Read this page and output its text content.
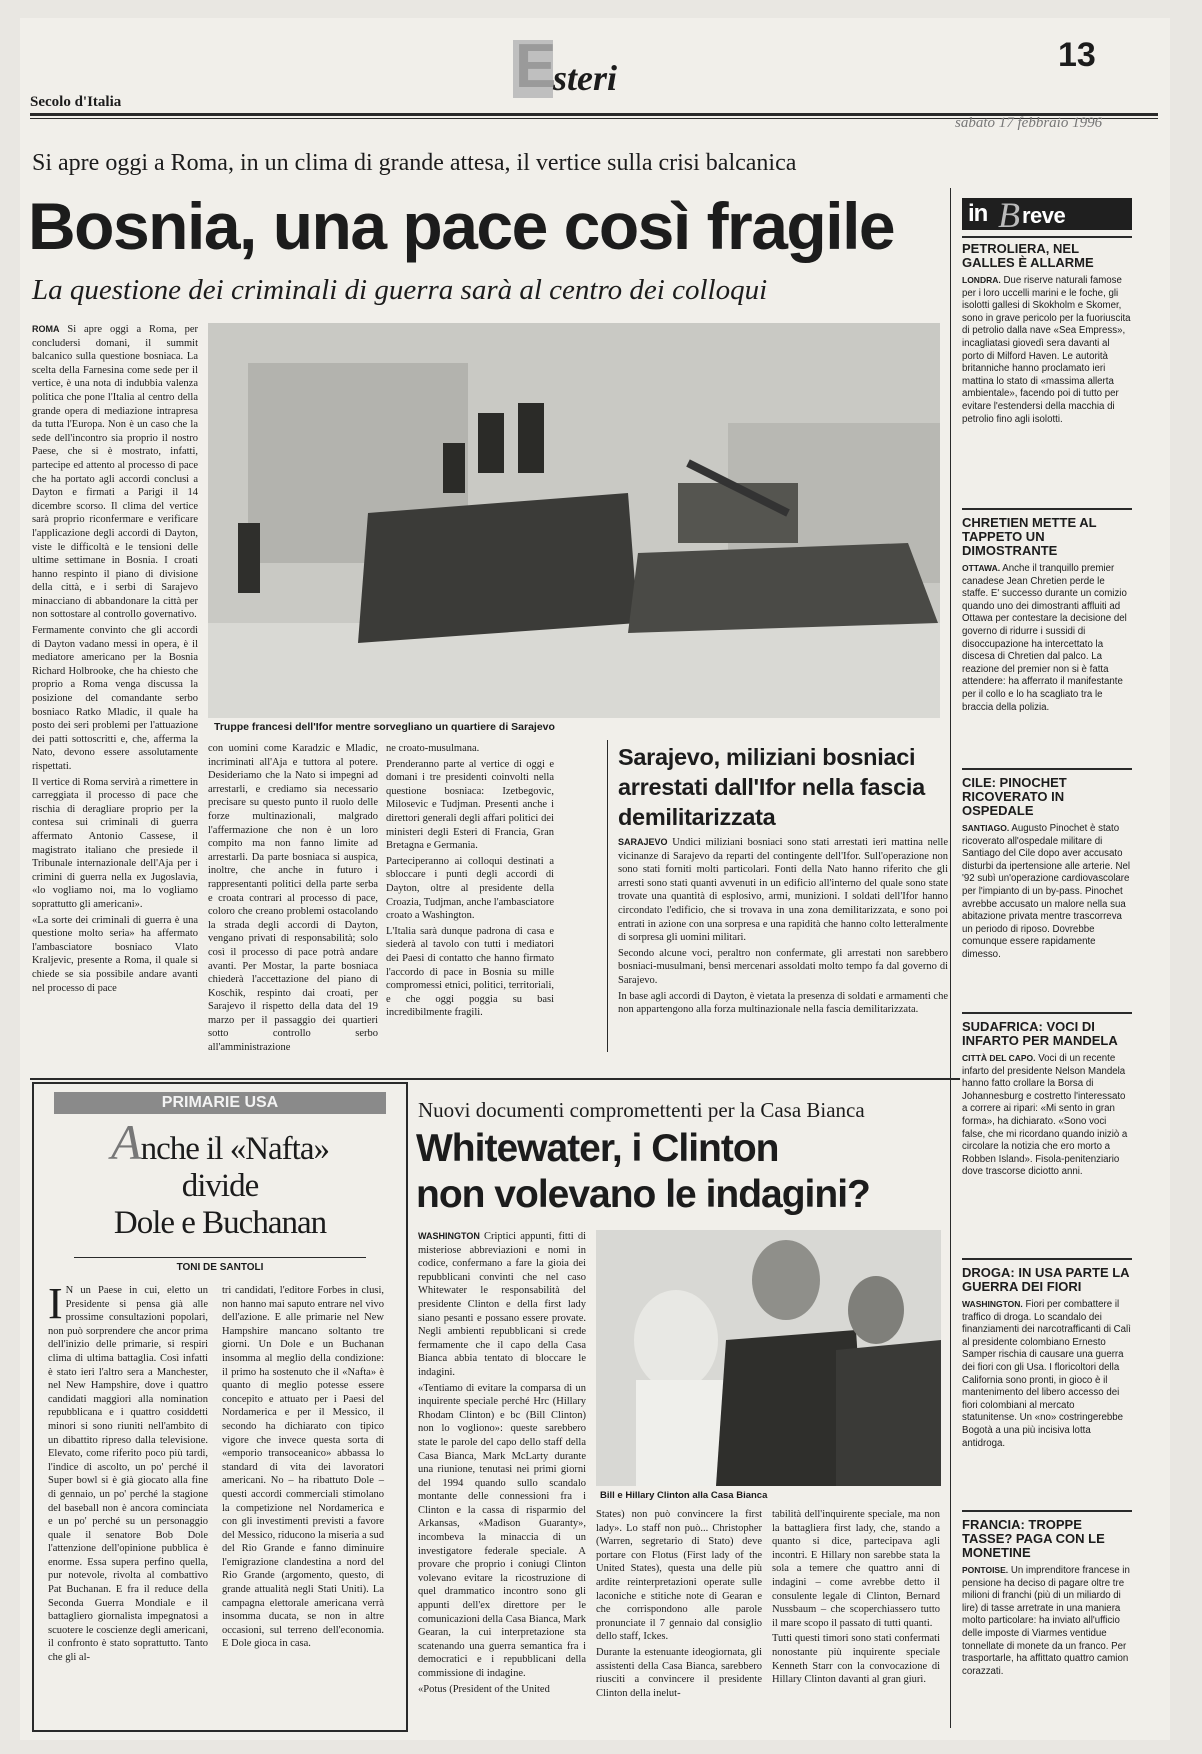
E
steri
13
Secolo d'Italia
sabato 17 febbraio 1996
Si apre oggi a Roma, in un clima di grande attesa, il vertice sulla crisi balcanica
Bosnia, una pace così fragile
La questione dei criminali di guerra sarà al centro dei colloqui

ROMA Si apre oggi a Roma, per concludersi domani, il summit balcanico sulla questione bosniaca. La scelta della Farnesina come sede per il vertice, è una nota di indubbia valenza politica che pone l'Italia al centro della grande opera di mediazione intrapresa da tutta l'Europa. Non è un caso che la sede dell'incontro sia proprio il nostro Paese, che si è mostrato, infatti, partecipe ed attento al processo di pace che ha portato agli accordi conclusi a Dayton e firmati a Parigi il 14 dicembre scorso. Il clima del vertice sarà proprio riconfermare e verificare l'applicazione degli accordi di Dayton, viste le difficoltà e le tensioni delle ultime settimane in Bosnia. I croati hanno respinto il piano di divisione della città, e i serbi di Sarajevo minacciano di abbandonare la città per non sottostare al controllo governativo.

Fermamente convinto che gli accordi di Dayton vadano messi in opera, è il mediatore americano per la Bosnia Richard Holbrooke, che ha chiesto che proprio a Roma venga discussa la posizione del comandante serbo bosniaco Ratko Mladic, il quale ha posto dei seri problemi per l'attuazione dei patti sottoscritti e, che, afferma la Nato, devono essere assolutamente rispettati.

Il vertice di Roma servirà a rimettere in carreggiata il processo di pace che rischia di deragliare proprio per la contesa sui criminali di guerra affermato Antonio Cassese, il magistrato italiano che presiede il Tribunale internazionale dell'Aja per i crimini di guerra nella ex Jugoslavia, «lo vogliamo noi, ma lo vogliamo soprattutto gli americani».

«La sorte dei criminali di guerra è una questione molto seria» ha affermato l'ambasciatore bosniaco Vlato Kraljevic, presente a Roma, il quale si chiede se sia possibile andare avanti nel processo di pace

Truppe francesi dell'Ifor mentre sorvegliano un quartiere di Sarajevo
con uomini come Karadzic e Mladic, incriminati all'Aja e tuttora al potere. Desideriamo che la Nato si impegni ad arrestarli, e crediamo sia necessario precisare su questo punto il ruolo delle forze multinazionali, malgrado l'affermazione che non è un loro compito ma non fanno limite ad arrestarli. Da parte bosniaca si auspica, inoltre, che anche in futuro i rappresentanti politici della parte serba e croata contrari al processo di pace, coloro che creano problemi ostacolando la strada degli accordi di Dayton, vengano privati di responsabilità; solo così il processo di pace potrà andare avanti. Per Mostar, la parte bosniaca chiederà l'accettazione del piano di Koschik, respinto dai croati, per Sarajevo il rispetto della data del 19 marzo per il passaggio dei quartieri sotto controllo serbo all'amministrazione

ne croato-musulmana.

Prenderanno parte al vertice di oggi e domani i tre presidenti coinvolti nella questione bosniaca: Izetbegovic, Milosevic e Tudjman. Presenti anche i direttori generali degli affari politici dei ministeri degli Esteri di Francia, Gran Bretagna e Germania.

Parteciperanno ai colloqui destinati a sbloccare i punti degli accordi di Dayton, oltre al presidente della Croazia, Tudjman, anche l'ambasciatore croato a Washington.

L'Italia sarà dunque padrona di casa e siederà al tavolo con tutti i mediatori dei Paesi di contatto che hanno firmato l'accordo di pace in Bosnia su mille compromessi etnici, politici, territoriali, e che oggi poggia su basi incredibilmente fragili.

Sarajevo, miliziani bosniaci arrestati dall'Ifor nella fascia demilitarizzata

SARAJEVO Undici miliziani bosniaci sono stati arrestati ieri mattina nelle vicinanze di Sarajevo da reparti del contingente dell'Ifor. Sull'operazione non sono stati forniti molti particolari. Fonti della Nato hanno riferito che gli arresti sono stati quanti avvenuti in un edificio all'interno del quale sono state trovate una quantità di esplosivo, armi, munizioni. I soldati dell'Ifor hanno circondato l'edificio, che si trovava in una zona demilitarizzata, e sono poi entrati in azione con una sorpresa e una rapidità che hanno colto letteralmente di sorpresa gli uomini militari.

Secondo alcune voci, peraltro non confermate, gli arrestati non sarebbero bosniaci-musulmani, bensì mercenari assoldati molto tempo fa dal governo di Sarajevo.

In base agli accordi di Dayton, è vietata la presenza di soldati e armamenti che non appartengono alla forza multinazionale nella fascia demilitarizzata.

PRIMARIE USA
Anche il «Nafta»
divide
Dole e Buchanan
TONI DE SANTOLI
I N un Paese in cui, eletto un Presidente si pensa già alle prossime consultazioni popolari, non può sorprendere che ancor prima dell'inizio delle primarie, si respiri clima di ultima battaglia. Così infatti è stato ieri l'altro sera a Manchester, nel New Hampshire, dove i quattro candidati maggiori alla nomination repubblicana e i quattro cosiddetti minori si sono riuniti nell'ambito di un dibattito ripreso dalla televisione. Elevato, come riferito poco più tardi, l'indice di ascolto, un po' perché il Super bowl si è già giocato alla fine di gennaio, un po' perché la stagione del baseball non è ancora cominciata e un po' perché su un personaggio quale il senatore Bob Dole l'attenzione dell'opinione pubblica è enorme. Essa supera perfino quella, pur notevole, rivolta al combattivo Pat Buchanan. E fra il reduce della Seconda Guerra Mondiale e il battagliero giornalista impegnatosi a scuotere le coscienze degli americani, il confronto è stato soprattutto. Tanto che gli al-
tri candidati, l'editore Forbes in clusi, non hanno mai saputo entrare nel vivo dell'azione. E alle primarie nel New Hampshire mancano soltanto tre giorni. Un Dole e un Buchanan insomma al meglio della condizione: il primo ha sostenuto che il «Nafta» è quanto di meglio potesse essere concepito e attuato per i Paesi del Nordamerica e per il Messico, il secondo ha dichiarato con tipico vigore che invece questa sorta di «emporio transoceanico» abbassa lo standard di vita dei lavoratori americani. No – ha ribattuto Dole – questi accordi commerciali stimolano la competizione nel Nordamerica e con gli investimenti previsti a favore del Messico, riducono la miseria a sud del Rio Grande e fanno diminuire l'emigrazione clandestina a nord del Rio Grande (argomento, questo, di grande attualità negli Stati Uniti). La campagna elettorale americana verrà insomma ducata, se non in altre occasioni, sul terreno dell'economia. E Dole gioca in casa.
Nuovi documenti compromettenti per la Casa Bianca
Whitewater, i Clinton
non volevano le indagini?

WASHINGTON Criptici appunti, fitti di misteriose abbreviazioni e nomi in codice, confermano a fare la gioia dei repubblicani convinti che nel caso Whitewater le responsabilità del presidente Clinton e della first lady siano pesanti e possano essere provate. Negli ambienti repubblicani si crede fermamente che il capo della Casa Bianca abbia tentato di bloccare le indagini.

«Tentiamo di evitare la comparsa di un inquirente speciale perché Hrc (Hillary Rhodam Clinton) e bc (Bill Clinton) non lo vogliono»: queste sarebbero state le parole del capo dello staff della Casa Bianca, Mark McLarty durante una riunione, tenutasi nei primi giorni del 1994 quando sullo scandalo montante delle connessioni fra i Clinton e la cassa di risparmio del Arkansas, «Madison Guaranty», incombeva la minaccia di un investigatore federale speciale. A provare che proprio i coniugi Clinton volevano evitare la ricostruzione di quel drammatico incontro sono gli appunti dell'ex direttore per le comunicazioni della Casa Bianca, Mark Gearan, la cui interpretazione sta scatenando una guerra semantica fra i democratici e i repubblicani della commissione di indagine.

«Potus (President of the United

Bill e Hillary Clinton alla Casa Bianca

States) non può convincere la first lady». Lo staff non può... Christopher (Warren, segretario di Stato) deve portare con Flotus (First lady of the United States), questa una delle più ardite reinterpretazioni operate sulle laconiche e stitiche note di Gearan e che corrispondono alle parole pronunciate il 7 gennaio dal consiglio dello staff, Ickes.

Durante la estenuante ideogiornata, gli assistenti della Casa Bianca, sarebbero riusciti a convincere il presidente Clinton della inelut-

tabilità dell'inquirente speciale, ma non la battagliera first lady, che, stando a quanto si dice, partecipava agli incontri. E Hillary non sarebbe stata la sola a temere che quattro anni di indagini – come avrebbe detto il consulente legale di Clinton, Bernard Nussbaum – che scoperchiassero tutto il mare scopo il passato di tutti quanti.

Tutti questi timori sono stati confermati nonostante più inquirente speciale Kenneth Starr con la convocazione di Hillary Clinton davanti al gran giurì.

in B reve

PETROLIERA, NEL GALLES È ALLARME

LONDRA. Due riserve naturali famose per i loro uccelli marini e le foche, gli isolotti gallesi di Skokholm e Skomer, sono in grave pericolo per la fuoriuscita di petrolio dalla nave «Sea Empress», incagliatasi giovedì sera davanti al porto di Milford Haven. Le autorità britanniche hanno proclamato ieri mattina lo stato di «massima allerta ambientale», facendo poi di tutto per evitare l'estendersi della macchia di petrolio fino agli isolotti.

CHRETIEN METTE AL TAPPETO UN DIMOSTRANTE

OTTAWA. Anche il tranquillo premier canadese Jean Chretien perde le staffe. E' successo durante un comizio quando uno dei dimostranti affluiti ad Ottawa per contestare la decisione del governo di ridurre i sussidi di disoccupazione ha intercettato la discesa di Chretien dal palco. La reazione del premier non si è fatta attendere: ha afferrato il manifestante per il collo e lo ha scagliato tra le braccia della polizia.

CILE: PINOCHET RICOVERATO IN OSPEDALE

SANTIAGO. Augusto Pinochet è stato ricoverato all'ospedale militare di Santiago del Cile dopo aver accusato disturbi da ipertensione alle arterie. Nel '92 subì un'operazione cardiovascolare per l'impianto di un by-pass. Pinochet avrebbe accusato un malore nella sua abitazione privata mentre trascorreva un periodo di riposo. Dovrebbe comunque essere rapidamente dimesso.

SUDAFRICA: VOCI DI INFARTO PER MANDELA

CITTÀ DEL CAPO. Voci di un recente infarto del presidente Nelson Mandela hanno fatto crollare la Borsa di Johannesburg e costretto l'interessato a correre ai ripari: «Mi sento in gran forma», ha dichiarato. «Sono voci false, che mi ricordano quando iniziò a circolare la notizia che ero morto a Robben Island». Fisola-penitenziario dove trascorse diciotto anni.

DROGA: IN USA PARTE LA GUERRA DEI FIORI

WASHINGTON. Fiori per combattere il traffico di droga. Lo scandalo dei finanziamenti dei narcotrafficanti di Calì al presidente colombiano Ernesto Samper rischia di causare una guerra dei fiori con gli Usa. I floricoltori della California sono pronti, in gioco è il mantenimento del libero accesso dei fiori colombiani al mercato statunitense. Un «no» costringerebbe Bogotà a una più incisiva lotta antidroga.

FRANCIA: TROPPE TASSE? PAGA CON LE MONETINE

PONTOISE. Un imprenditore francese in pensione ha deciso di pagare oltre tre milioni di franchi (più di un miliardo di lire) di tasse arretrate in una maniera molto particolare: ha inviato all'ufficio delle imposte di Viarmes ventidue tonnellate di monete da un franco. Per trasportarle, ha affittato quattro camion corazzati.
